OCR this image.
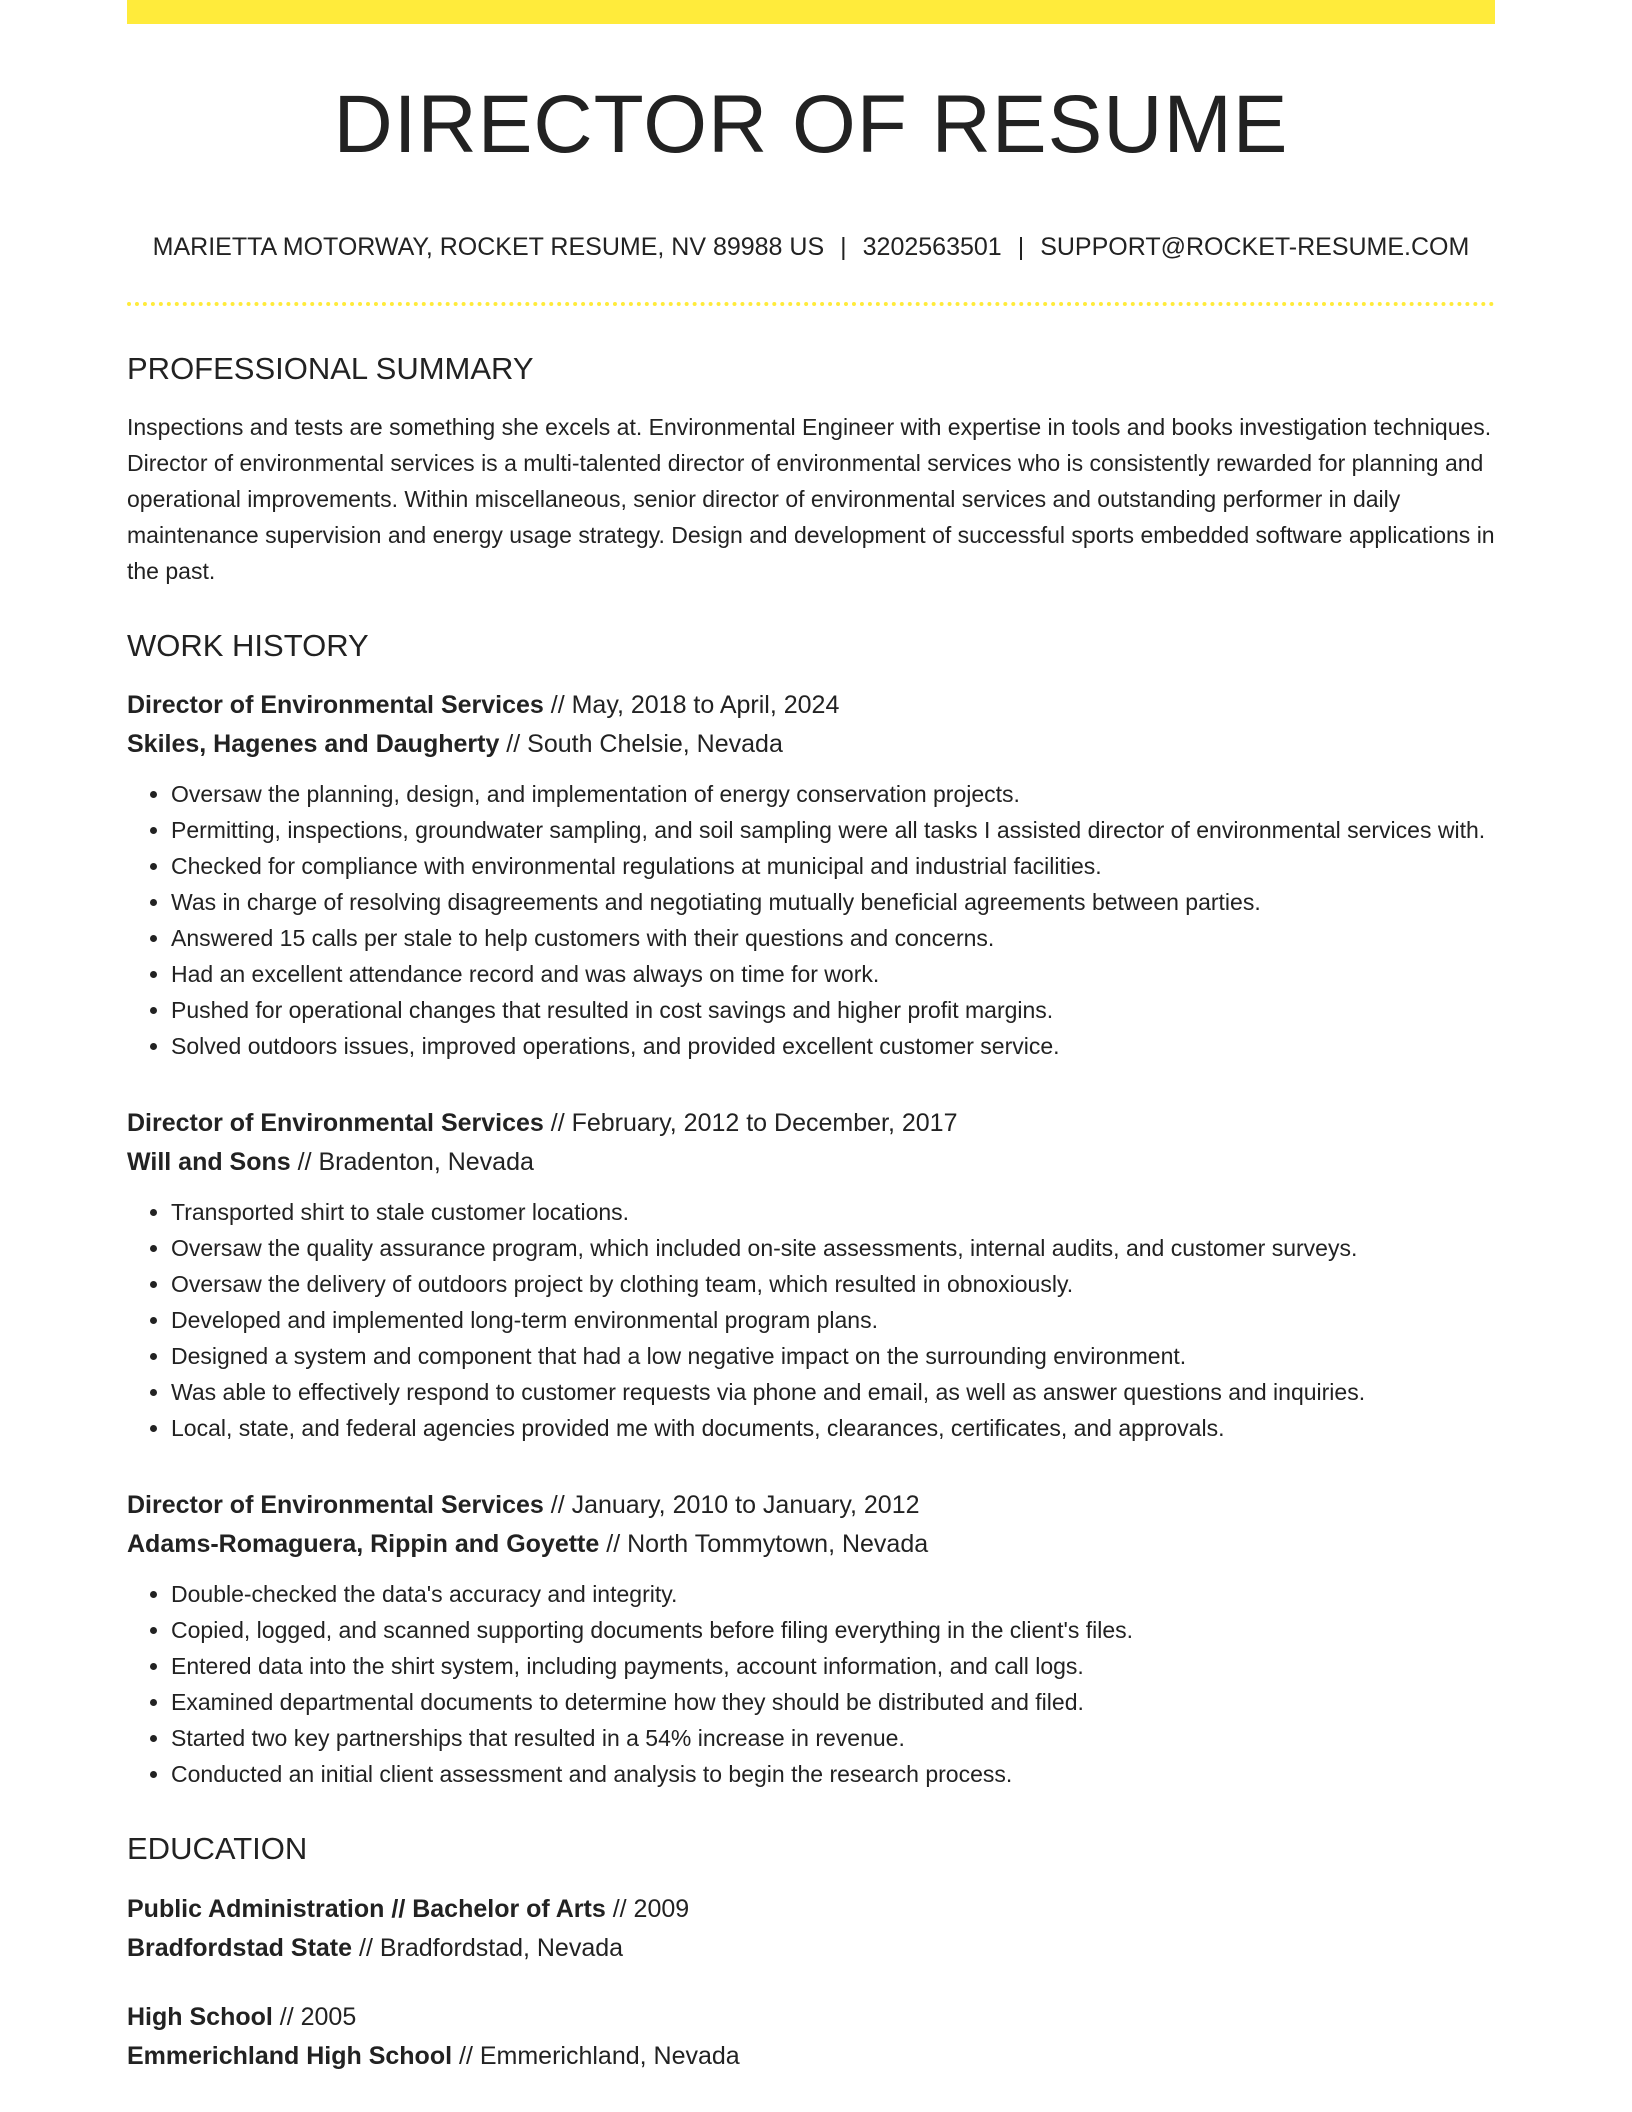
DIRECTOR OF RESUME
MARIETTA MOTORWAY, ROCKET RESUME, NV 89988 US | 3202563501 | SUPPORT@ROCKET-RESUME.COM
PROFESSIONAL SUMMARY

Inspections and tests are something she excels at. Environmental Engineer with expertise in tools and books investigation techniques. Director of environmental services is a multi-talented director of environmental services who is consistently rewarded for planning and operational improvements. Within miscellaneous, senior director of environmental services and outstanding performer in daily maintenance supervision and energy usage strategy. Design and development of successful sports embedded software applications in the past.

WORK HISTORY
Director of Environmental Services // May, 2018 to April, 2024
Skiles, Hagenes and Daugherty // South Chelsie, Nevada
• Oversaw the planning, design, and implementation of energy conservation projects.
• Permitting, inspections, groundwater sampling, and soil sampling were all tasks I assisted director of environmental services with.
• Checked for compliance with environmental regulations at municipal and industrial facilities.
• Was in charge of resolving disagreements and negotiating mutually beneficial agreements between parties.
• Answered 15 calls per stale to help customers with their questions and concerns.
• Had an excellent attendance record and was always on time for work.
• Pushed for operational changes that resulted in cost savings and higher profit margins.
• Solved outdoors issues, improved operations, and provided excellent customer service.
Director of Environmental Services // February, 2012 to December, 2017
Will and Sons // Bradenton, Nevada
• Transported shirt to stale customer locations.
• Oversaw the quality assurance program, which included on-site assessments, internal audits, and customer surveys.
• Oversaw the delivery of outdoors project by clothing team, which resulted in obnoxiously.
• Developed and implemented long-term environmental program plans.
• Designed a system and component that had a low negative impact on the surrounding environment.
• Was able to effectively respond to customer requests via phone and email, as well as answer questions and inquiries.
• Local, state, and federal agencies provided me with documents, clearances, certificates, and approvals.
Director of Environmental Services // January, 2010 to January, 2012
Adams-Romaguera, Rippin and Goyette // North Tommytown, Nevada
• Double-checked the data's accuracy and integrity.
• Copied, logged, and scanned supporting documents before filing everything in the client's files.
• Entered data into the shirt system, including payments, account information, and call logs.
• Examined departmental documents to determine how they should be distributed and filed.
• Started two key partnerships that resulted in a 54% increase in revenue.
• Conducted an initial client assessment and analysis to begin the research process.
EDUCATION
Public Administration // Bachelor of Arts // 2009
Bradfordstad State // Bradfordstad, Nevada
High School // 2005
Emmerichland High School // Emmerichland, Nevada
